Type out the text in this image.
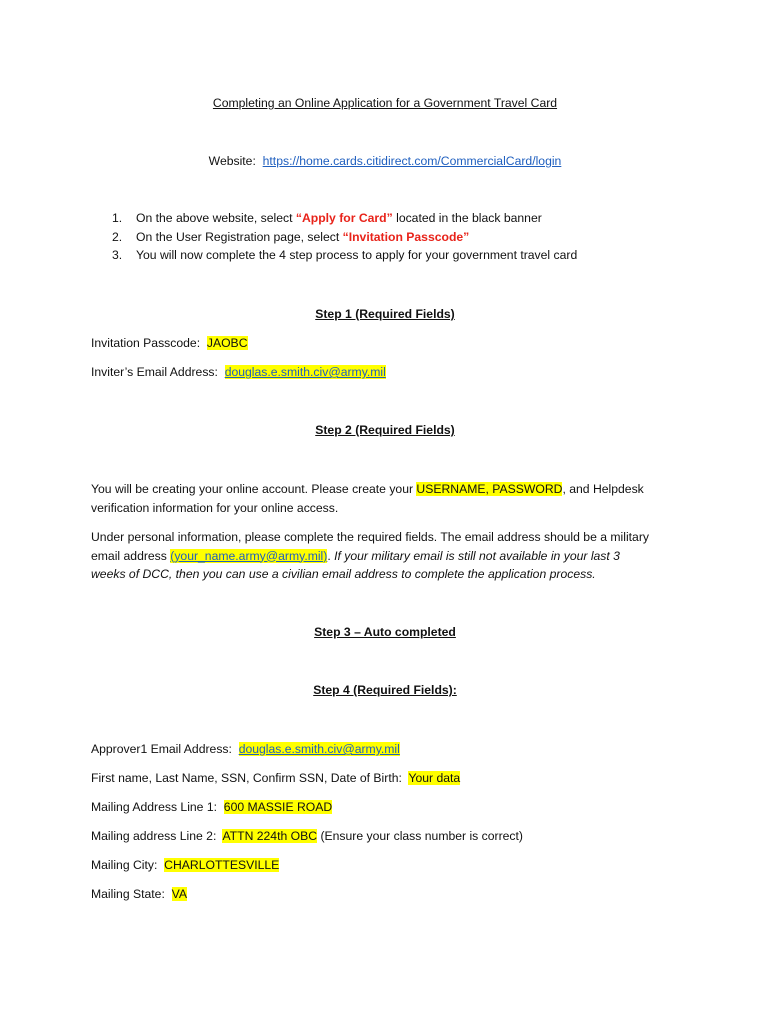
Completing an Online Application for a Government Travel Card
Website: https://home.cards.citidirect.com/CommercialCard/login
1. On the above website, select “Apply for Card” located in the black banner
2. On the User Registration page, select “Invitation Passcode”
3. You will now complete the 4 step process to apply for your government travel card
Step 1 (Required Fields)
Invitation Passcode: JAOBC
Inviter’s Email Address: douglas.e.smith.civ@army.mil
Step 2 (Required Fields)
You will be creating your online account. Please create your USERNAME, PASSWORD, and Helpdesk
verification information for your online access.
Under personal information, please complete the required fields. The email address should be a military
email address (your_name.army@army.mil). If your military email is still not available in your last 3
weeks of DCC, then you can use a civilian email address to complete the application process.
Step 3 – Auto completed
Step 4 (Required Fields):
Approver1 Email Address: douglas.e.smith.civ@army.mil
First name, Last Name, SSN, Confirm SSN, Date of Birth: Your data
Mailing Address Line 1: 600 MASSIE ROAD
Mailing address Line 2: ATTN 224th OBC (Ensure your class number is correct)
Mailing City: CHARLOTTESVILLE
Mailing State: VA
